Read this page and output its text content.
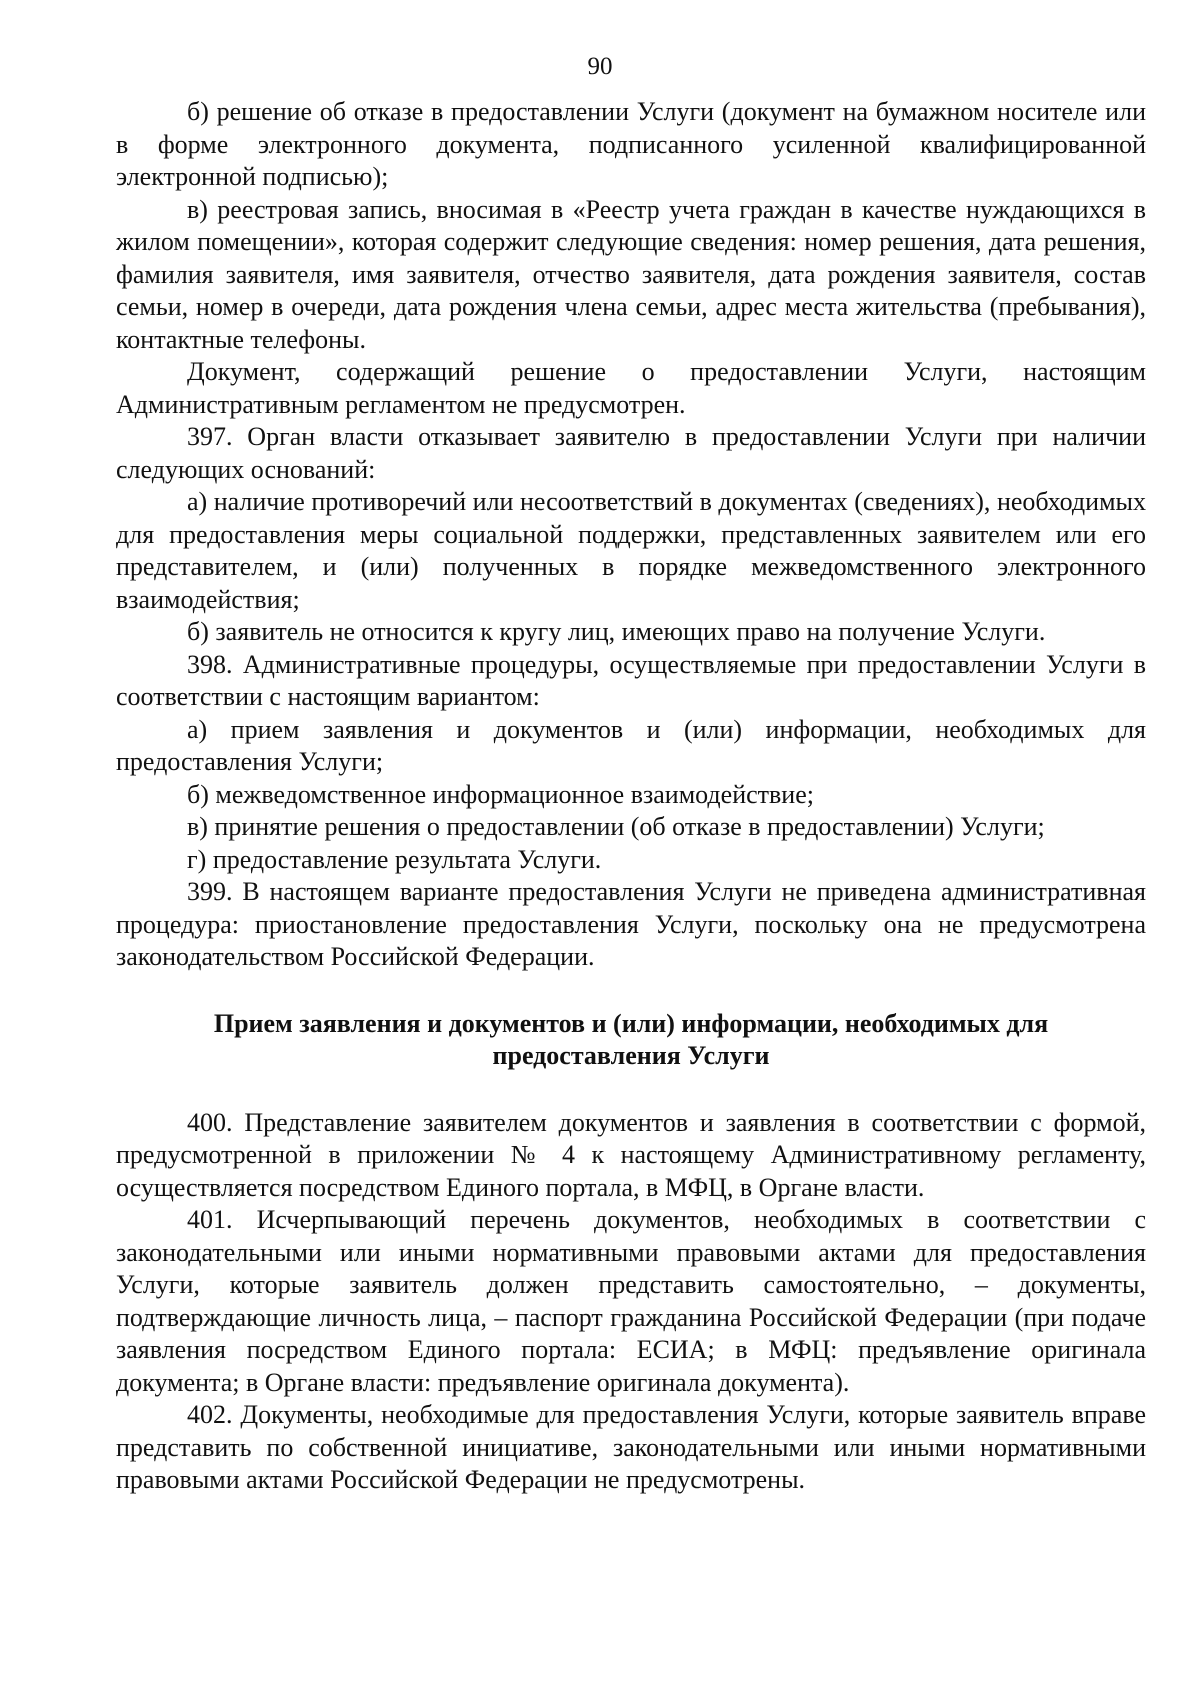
90

б) решение об отказе в предоставлении Услуги (документ на бумажном носителе или в форме электронного документа, подписанного усиленной квалифицированной электронной подписью);

в) реестровая запись, вносимая в «Реестр учета граждан в качестве нуждающихся в жилом помещении», которая содержит следующие сведения: номер решения, дата решения, фамилия заявителя, имя заявителя, отчество заявителя, дата рождения заявителя, состав семьи, номер в очереди, дата рождения члена семьи, адрес места жительства (пребывания), контактные телефоны.

Документ, содержащий решение о предоставлении Услуги, настоящим Административным регламентом не предусмотрен.

397. Орган власти отказывает заявителю в предоставлении Услуги при наличии следующих оснований:

а) наличие противоречий или несоответствий в документах (сведениях), необходимых для предоставления меры социальной поддержки, представленных заявителем или его представителем, и (или) полученных в порядке межведомственного электронного взаимодействия;

б) заявитель не относится к кругу лиц, имеющих право на получение Услуги.

398. Административные процедуры, осуществляемые при предоставлении Услуги в соответствии с настоящим вариантом:

а) прием заявления и документов и (или) информации, необходимых для предоставления Услуги;

б) межведомственное информационное взаимодействие;

в) принятие решения о предоставлении (об отказе в предоставлении) Услуги;

г) предоставление результата Услуги.

399. В настоящем варианте предоставления Услуги не приведена административная процедура: приостановление предоставления Услуги, поскольку она не предусмотрена законодательством Российской Федерации.

Прием заявления и документов и (или) информации, необходимых для предоставления Услуги

400. Представление заявителем документов и заявления в соответствии с формой, предусмотренной в приложении № 4 к настоящему Административному регламенту, осуществляется посредством Единого портала, в МФЦ, в Органе власти.

401. Исчерпывающий перечень документов, необходимых в соответствии с законодательными или иными нормативными правовыми актами для предоставления Услуги, которые заявитель должен представить самостоятельно, – документы, подтверждающие личность лица, – паспорт гражданина Российской Федерации (при подаче заявления посредством Единого портала: ЕСИА; в МФЦ: предъявление оригинала документа; в Органе власти: предъявление оригинала документа).

402. Документы, необходимые для предоставления Услуги, которые заявитель вправе представить по собственной инициативе, законодательными или иными нормативными правовыми актами Российской Федерации не предусмотрены.
